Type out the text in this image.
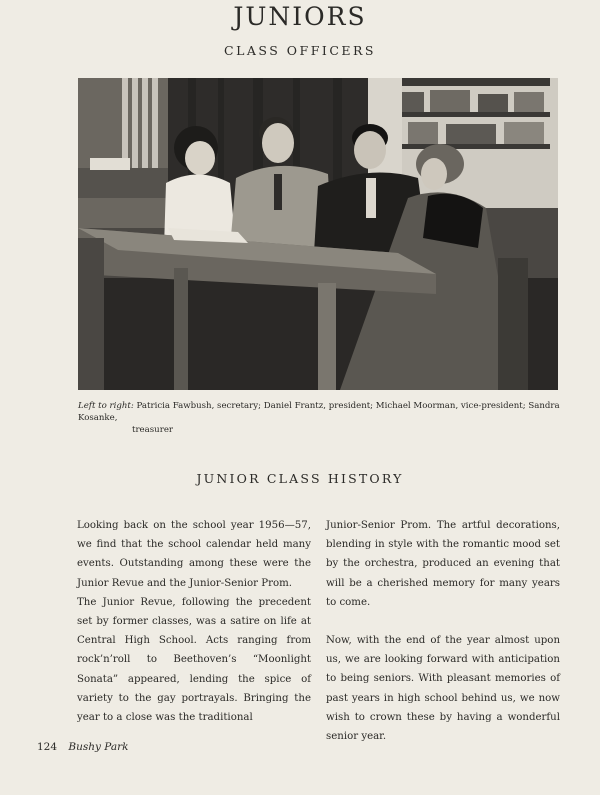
JUNIORS
CLASS OFFICERS
Left to right: Patricia Fawbush, secretary; Daniel Frantz, president; Michael Moorman, vice-president; Sandra Kosanke,
treasurer
JUNIOR CLASS HISTORY

Looking back on the school year 1956—57, we find that the school calendar held many events. Outstanding among these were the Junior Revue and the Junior-Senior Prom.

The Junior Revue, following the precedent set by former classes, was a satire on life at Central High School. Acts ranging from rock’n’roll to Beethoven’s “Moonlight Sonata” appeared, lending the spice of variety to the gay portrayals. Bringing the year to a close was the traditional

Junior-Senior Prom. The artful decorations, blending in style with the romantic mood set by the orchestra, produced an evening that will be a cherished memory for many years to come.

Now, with the end of the year almost upon us, we are looking forward with anticipation to being seniors. With pleasant memories of past years in high school behind us, we now wish to crown these by having a wonderful senior year.

124 Bushy Park
